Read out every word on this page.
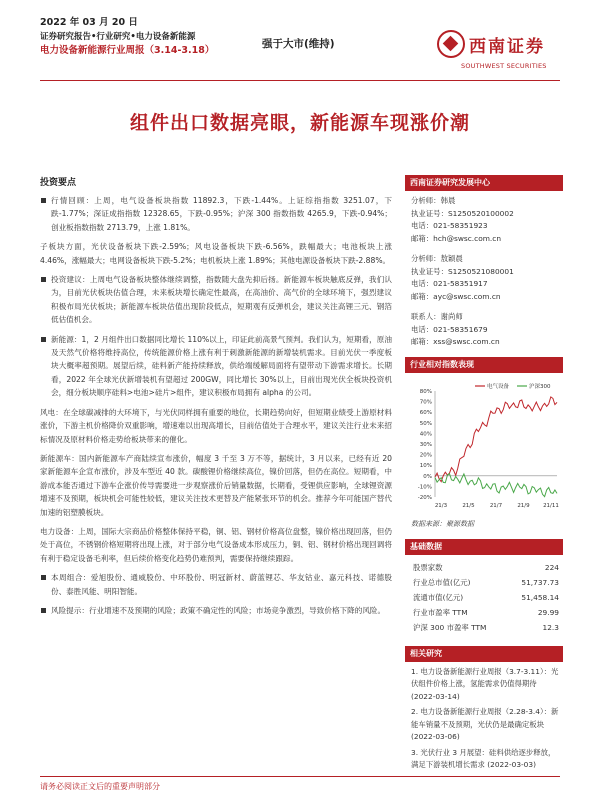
2022 年 03 月 20 日
证券研究报告•行业研究•电力设备新能源
电力设备新能源行业周报（3.14-3.18）
强于大市(维持)	西南证券
SOUTHWEST SECURITIES
组件出口数据亮眼，新能源车现涨价潮
投资要点

行情回顾：上周，电气设备板块指数 11892.3，下跌-1.44%。上证综指指数 3251.07，下跌-1.77%；深证成指指数 12328.65，下跌-0.95%；沪深 300 指数指数 4265.9，下跌-0.94%；创业板指数指数 2713.79，上涨 1.81%。

子板块方面，光伏设备板块下跌-2.59%；风电设备板块下跌-6.56%，跌幅最大；电池板块上涨 4.46%，涨幅最大；电网设备板块下跌-5.2%；电机板块上涨 1.89%；其他电源设备板块下跌-2.88%。

投资建议：上周电气设备板块整体继续调整，指数随大盘先抑后扬。新能源车板块触底反弹，我们认为，目前光伏板块估值合理，未来板块增长确定性最高，在高油价、高气价的全球环境下，强烈建议积极布局光伏板块；新能源车板块估值出现阶段低点，短期观有反弹机会，建议关注高锂三元、钢箔低估值机会。

新能源：1，2 月组件出口数据同比增长 110%以上，印证此前高景气预判。我们认为，短期看，原油及天然气价格将维持高位，传统能源价格上涨有利于刺激新能源的新增装机需求。目前光伏一季度板块大概率超预期。展望后续，硅料新产能持续释放，供给端缓解局面将有望带动下游需求增长。长期看，2022 年全球光伏新增装机有望超过 200GW，同比增长 30%以上，目前出现光伏全板块投资机会，细分板块顺序硅料>电池>硅片>组件，建议积极布局拥有 alpha 的公司。

风电：在全球碳减排的大环境下，与光伏同样拥有重要的地位，长期趋势向好，但短期业绩受上游原材料涨价，下游主机价格降价双重影响，增速难以出现高增长，目前估值处于合理水平，建议关注行业未来招标情况及原材料价格走势给板块带来的催化。

新能源车：国内新能源车产商陆续宣布涨价，幅度 3 千至 3 万不等，据统计，3 月以来，已经有近 20 家新能源车企宣布涨价，涉及车型近 40 款。碳酸锂价格继续高位，镍价回落，但仍在高位。短期看，中游成本能否通过下游车企涨价传导需要进一步观察涨价后销量数据，长期看，受锂供应影响，全球锂资源增速不及预期，板块机会可能性较低，建议关注技术更替及产能紧张环节的机会。推荐今年可能国产替代加速的铝塑膜板块。

电力设备：上周，国际大宗商品价格整体保持平稳，铜、铝、钢材价格高位盘整，镍价格出现回落，但仍处于高位，不锈钢价格短期将出现上涨，对于部分电气设备成本形成压力，铜、铝、钢材价格出现回调将有利于稳定设备毛利率，但后续价格变化趋势仍难预判，需要保持继续跟踪。

本周组合：爱旭股份、通威股份、中环股份、明冠新材、蔚蓝锂芯、华友钴业、嘉元科技、诺德股份、泰胜风能、明阳智能。

风险提示：行业增速不及预期的风险；政策不确定性的风险；市场竞争激烈，导致价格下降的风险。

西南证券研究发展中心
分析师：韩晨
执业证号：S1250520100002
电话：021-58351923
邮箱：hch@swsc.com.cn
分析师：敖颖晨
执业证号：S1250521080001
电话：021-58351917
邮箱：ayc@swsc.com.cn
联系人：谢尚师
电话：021-58351679
邮箱：xss@swsc.com.cn
行业相对指数表现
80%
70%
60%
50%
40%
30%
20%
10%
0%
-10%
-20%
21/3	21/5	21/7	21/9 21/11
电气设备	沪深300
数据来源：聚源数据
基础数据
股票家数	224
行业总市值(亿元)	51,737.73
流通市值(亿元)	51,458.14
行业市盈率 TTM	29.99
沪深 300 市盈率 TTM	12.3
相关研究
1. 电力设备新能源行业周报（3.7-3.11）：光伏组件价格上涨，氢能需求仍值得期待 (2022-03-14)
2. 电力设备新能源行业周报（2.28-3.4）：新能车销量不及预期，光伏仍是最确定板块 (2022-03-06)
3. 光伏行业 3 月展望：硅料供给逐步释放，满足下游装机增长需求 (2022-03-03)
请务必阅读正文后的重要声明部分
